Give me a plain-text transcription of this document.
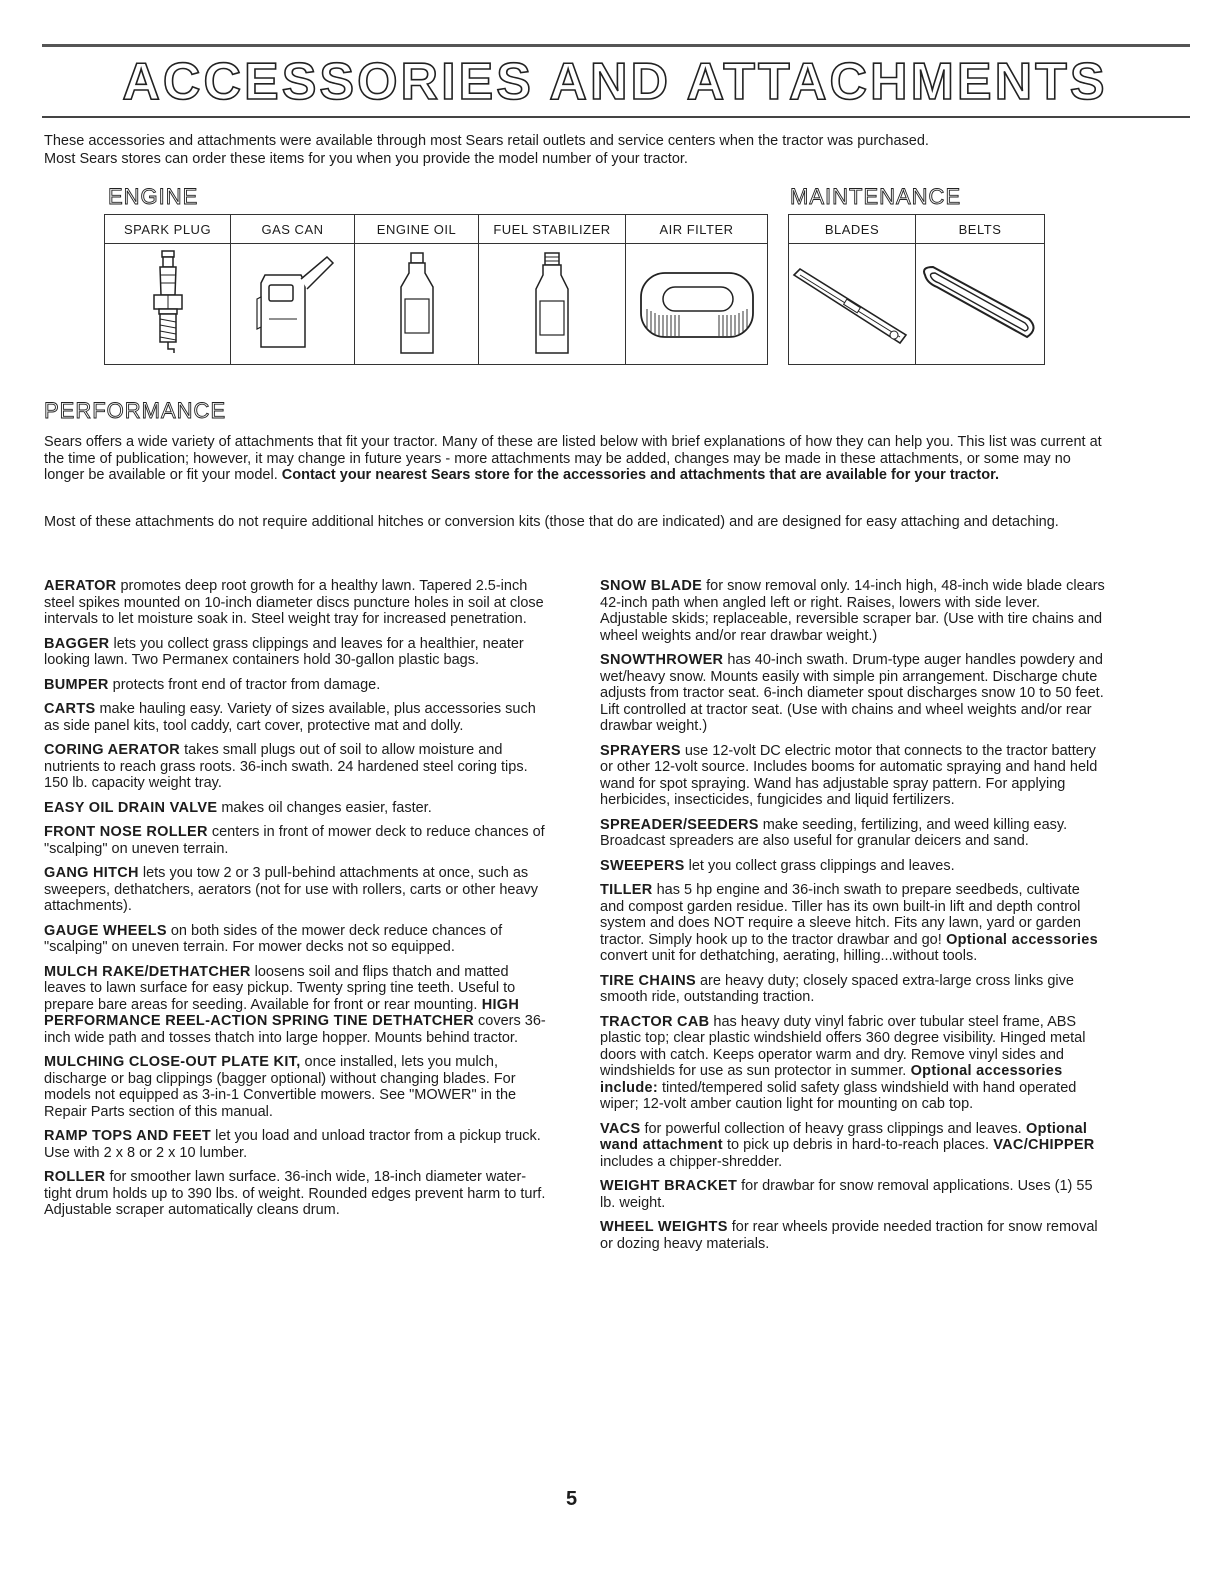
ACCESSORIES AND ATTACHMENTS

These accessories and attachments were available through most Sears retail outlets and service centers when the tractor was purchased.

Most Sears stores can order these items for you when you provide the model number of your tractor.

ENGINE	MAINTENANCE
SPARK PLUG	GAS CAN	ENGINE OIL	FUEL STABILIZER	AIR FILTER

		BLADES	BELTS

PERFORMANCE

Sears offers a wide variety of attachments that fit your tractor. Many of these are listed below with brief explanations of how they can help you. This list was current at the time of publication; however, it may change in future years - more attachments may be added, changes may be made in these attachments, or some may no longer be available or fit your model. Contact your nearest Sears store for the accessories and attachments that are available for your tractor.

Most of these attachments do not require additional hitches or conversion kits (those that do are indicated) and are designed for easy attaching and detaching.

AERATOR promotes deep root growth for a healthy lawn. Tapered 2.5-inch steel spikes mounted on 10-inch diameter discs puncture holes in soil at close intervals to let moisture soak in. Steel weight tray for increased penetration.

BAGGER lets you collect grass clippings and leaves for a healthier, neater looking lawn. Two Permanex containers hold 30-gallon plastic bags.

BUMPER protects front end of tractor from damage.

CARTS make hauling easy. Variety of sizes available, plus accessories such as side panel kits, tool caddy, cart cover, protective mat and dolly.

CORING AERATOR takes small plugs out of soil to allow moisture and nutrients to reach grass roots. 36-inch swath. 24 hardened steel coring tips. 150 lb. capacity weight tray.

EASY OIL DRAIN VALVE makes oil changes easier, faster.

FRONT NOSE ROLLER centers in front of mower deck to reduce chances of "scalping" on uneven terrain.

GANG HITCH lets you tow 2 or 3 pull-behind attachments at once, such as sweepers, dethatchers, aerators (not for use with rollers, carts or other heavy attachments).

GAUGE WHEELS on both sides of the mower deck reduce chances of "scalping" on uneven terrain. For mower decks not so equipped.

MULCH RAKE/DETHATCHER loosens soil and flips thatch and matted leaves to lawn surface for easy pickup. Twenty spring tine teeth. Useful to prepare bare areas for seeding. Available for front or rear mounting. HIGH PERFORMANCE REEL-ACTION SPRING TINE DETHATCHER covers 36-inch wide path and tosses thatch into large hopper. Mounts behind tractor.

MULCHING CLOSE-OUT PLATE KIT, once installed, lets you mulch, discharge or bag clippings (bagger optional) without changing blades. For models not equipped as 3-in-1 Convertible mowers. See "MOWER" in the Repair Parts section of this manual.

RAMP TOPS AND FEET let you load and unload tractor from a pickup truck. Use with 2 x 8 or 2 x 10 lumber.

ROLLER for smoother lawn surface. 36-inch wide, 18-inch diameter water-tight drum holds up to 390 lbs. of weight. Rounded edges prevent harm to turf. Adjustable scraper automatically cleans drum.

SNOW BLADE for snow removal only. 14-inch high, 48-inch wide blade clears 42-inch path when angled left or right. Raises, lowers with side lever. Adjustable skids; replaceable, reversible scraper bar. (Use with tire chains and wheel weights and/or rear drawbar weight.)

SNOWTHROWER has 40-inch swath. Drum-type auger handles powdery and wet/heavy snow. Mounts easily with simple pin arrangement. Discharge chute adjusts from tractor seat. 6-inch diameter spout discharges snow 10 to 50 feet. Lift controlled at tractor seat. (Use with chains and wheel weights and/or rear drawbar weight.)

SPRAYERS use 12-volt DC electric motor that connects to the tractor battery or other 12-volt source. Includes booms for automatic spraying and hand held wand for spot spraying. Wand has adjustable spray pattern. For applying herbicides, insecticides, fungicides and liquid fertilizers.

SPREADER/SEEDERS make seeding, fertilizing, and weed killing easy. Broadcast spreaders are also useful for granular deicers and sand.

SWEEPERS let you collect grass clippings and leaves.

TILLER has 5 hp engine and 36-inch swath to prepare seedbeds, cultivate and compost garden residue. Tiller has its own built-in lift and depth control system and does NOT require a sleeve hitch. Fits any lawn, yard or garden tractor. Simply hook up to the tractor drawbar and go! Optional accessories convert unit for dethatching, aerating, hilling...without tools.

TIRE CHAINS are heavy duty; closely spaced extra-large cross links give smooth ride, outstanding traction.

TRACTOR CAB has heavy duty vinyl fabric over tubular steel frame, ABS plastic top; clear plastic windshield offers 360 degree visibility. Hinged metal doors with catch. Keeps operator warm and dry. Remove vinyl sides and windshields for use as sun protector in summer. Optional accessories include: tinted/tempered solid safety glass windshield with hand operated wiper; 12-volt amber caution light for mounting on cab top.

VACS for powerful collection of heavy grass clippings and leaves. Optional wand attachment to pick up debris in hard-to-reach places. VAC/CHIPPER includes a chipper-shredder.

WEIGHT BRACKET for drawbar for snow removal applications. Uses (1) 55 lb. weight.

WHEEL WEIGHTS for rear wheels provide needed traction for snow removal or dozing heavy materials.

5
